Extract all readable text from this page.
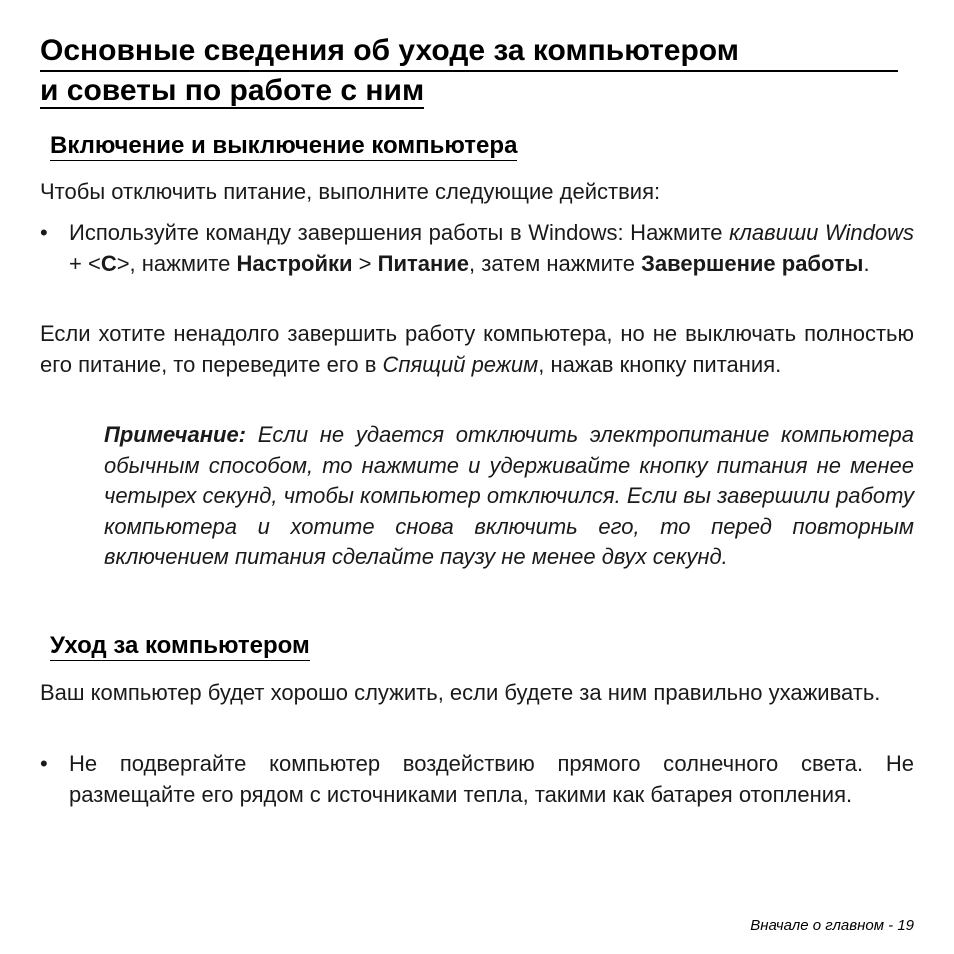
Основные сведения об уходе за компьютером
и советы по работе с ним
Включение и выключение компьютера
Чтобы отключить питание, выполните следующие действия:
• Используйте команду завершения работы в Windows: Нажмите клавиши Windows + <C>, нажмите Настройки > Питание, затем нажмите Завершение работы.
Если хотите ненадолго завершить работу компьютера, но не выключать полностью его питание, то переведите его в Спящий режим, нажав кнопку питания.
Примечание: Если не удается отключить электропитание компьютера обычным способом, то нажмите и удерживайте кнопку питания не менее четырех секунд, чтобы компьютер отключился. Если вы завершили работу компьютера и хотите снова включить его, то перед повторным включением питания сделайте паузу не менее двух секунд.
Уход за компьютером
Ваш компьютер будет хорошо служить, если будете за ним правильно ухаживать.
• Не подвергайте компьютер воздействию прямого солнечного света. Не размещайте его рядом с источниками тепла, такими как батарея отопления.
Вначале о главном - 19
